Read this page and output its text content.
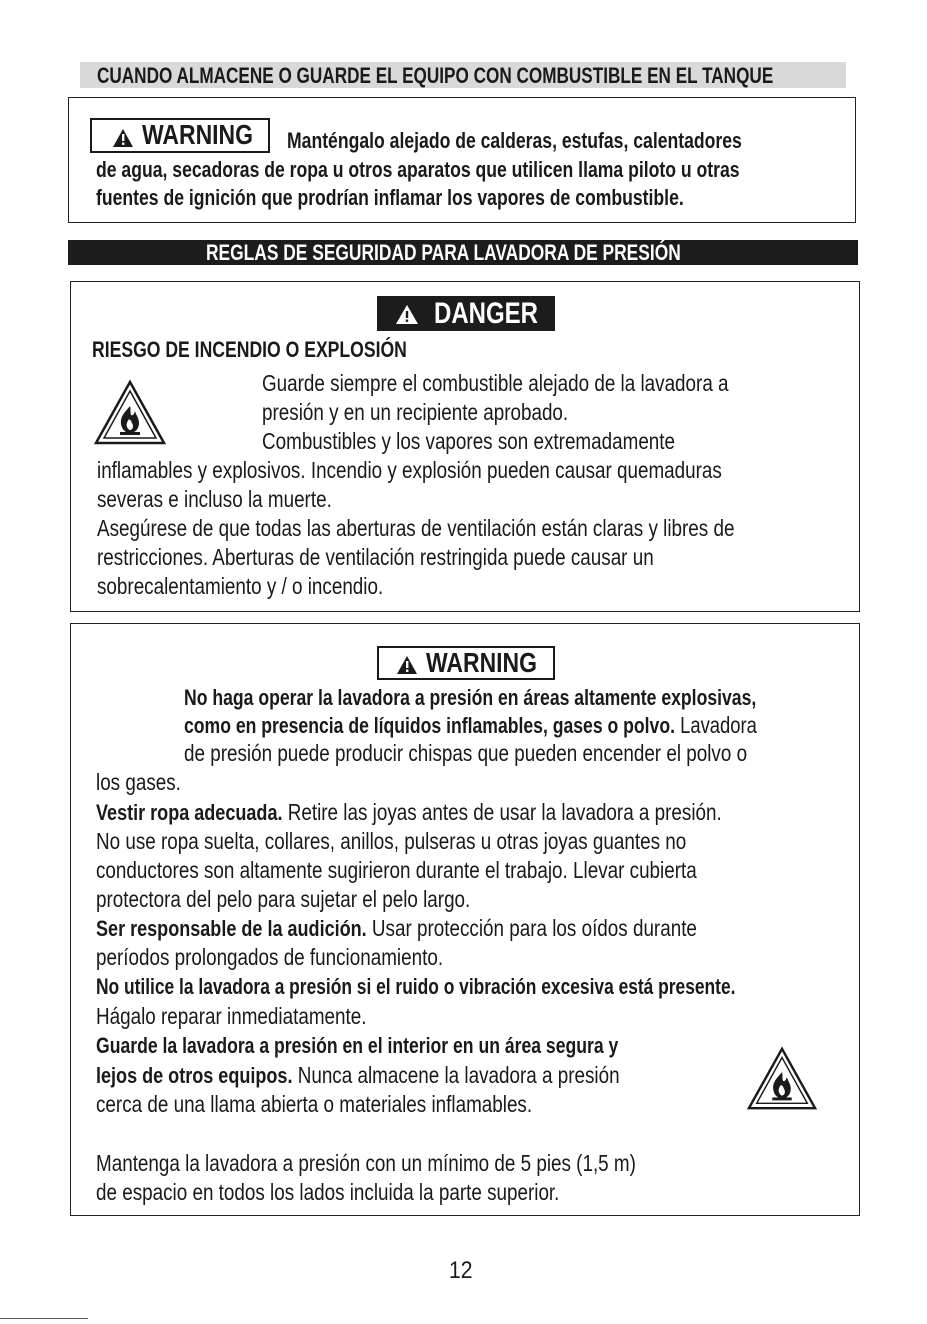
CUANDO ALMACENE O GUARDE EL EQUIPO CON COMBUSTIBLE EN EL TANQUE
WARNING Manténgalo alejado de calderas, estufas, calentadores
de agua, secadoras de ropa u otros aparatos que utilicen llama piloto u otras
fuentes de ignición que prodrían inflamar los vapores de combustible.
REGLAS DE SEGURIDAD PARA LAVADORA DE PRESIÓN
DANGER
RIESGO DE INCENDIO O EXPLOSIÓN
Guarde siempre el combustible alejado de la lavadora a
presión y en un recipiente aprobado.
Combustibles y los vapores son extremadamente
inflamables y explosivos. Incendio y explosión pueden causar quemaduras
severas e incluso la muerte.
Asegúrese de que todas las aberturas de ventilación están claras y libres de
restricciones. Aberturas de ventilación restringida puede causar un
sobrecalentamiento y / o incendio.
WARNING
No haga operar la lavadora a presión en áreas altamente explosivas,
como en presencia de líquidos inflamables, gases o polvo. Lavadora
de presión puede producir chispas que pueden encender el polvo o
los gases.
Vestir ropa adecuada. Retire las joyas antes de usar la lavadora a presión.
No use ropa suelta, collares, anillos, pulseras u otras joyas guantes no
conductores son altamente sugirieron durante el trabajo. Llevar cubierta
protectora del pelo para sujetar el pelo largo.
Ser responsable de la audición. Usar protección para los oídos durante
períodos prolongados de funcionamiento.
No utilice la lavadora a presión si el ruido o vibración excesiva está presente.
Hágalo reparar inmediatamente.
Guarde la lavadora a presión en el interior en un área segura y
lejos de otros equipos. Nunca almacene la lavadora a presión
cerca de una llama abierta o materiales inflamables.
Mantenga la lavadora a presión con un mínimo de 5 pies (1,5 m)
de espacio en todos los lados incluida la parte superior.
12
